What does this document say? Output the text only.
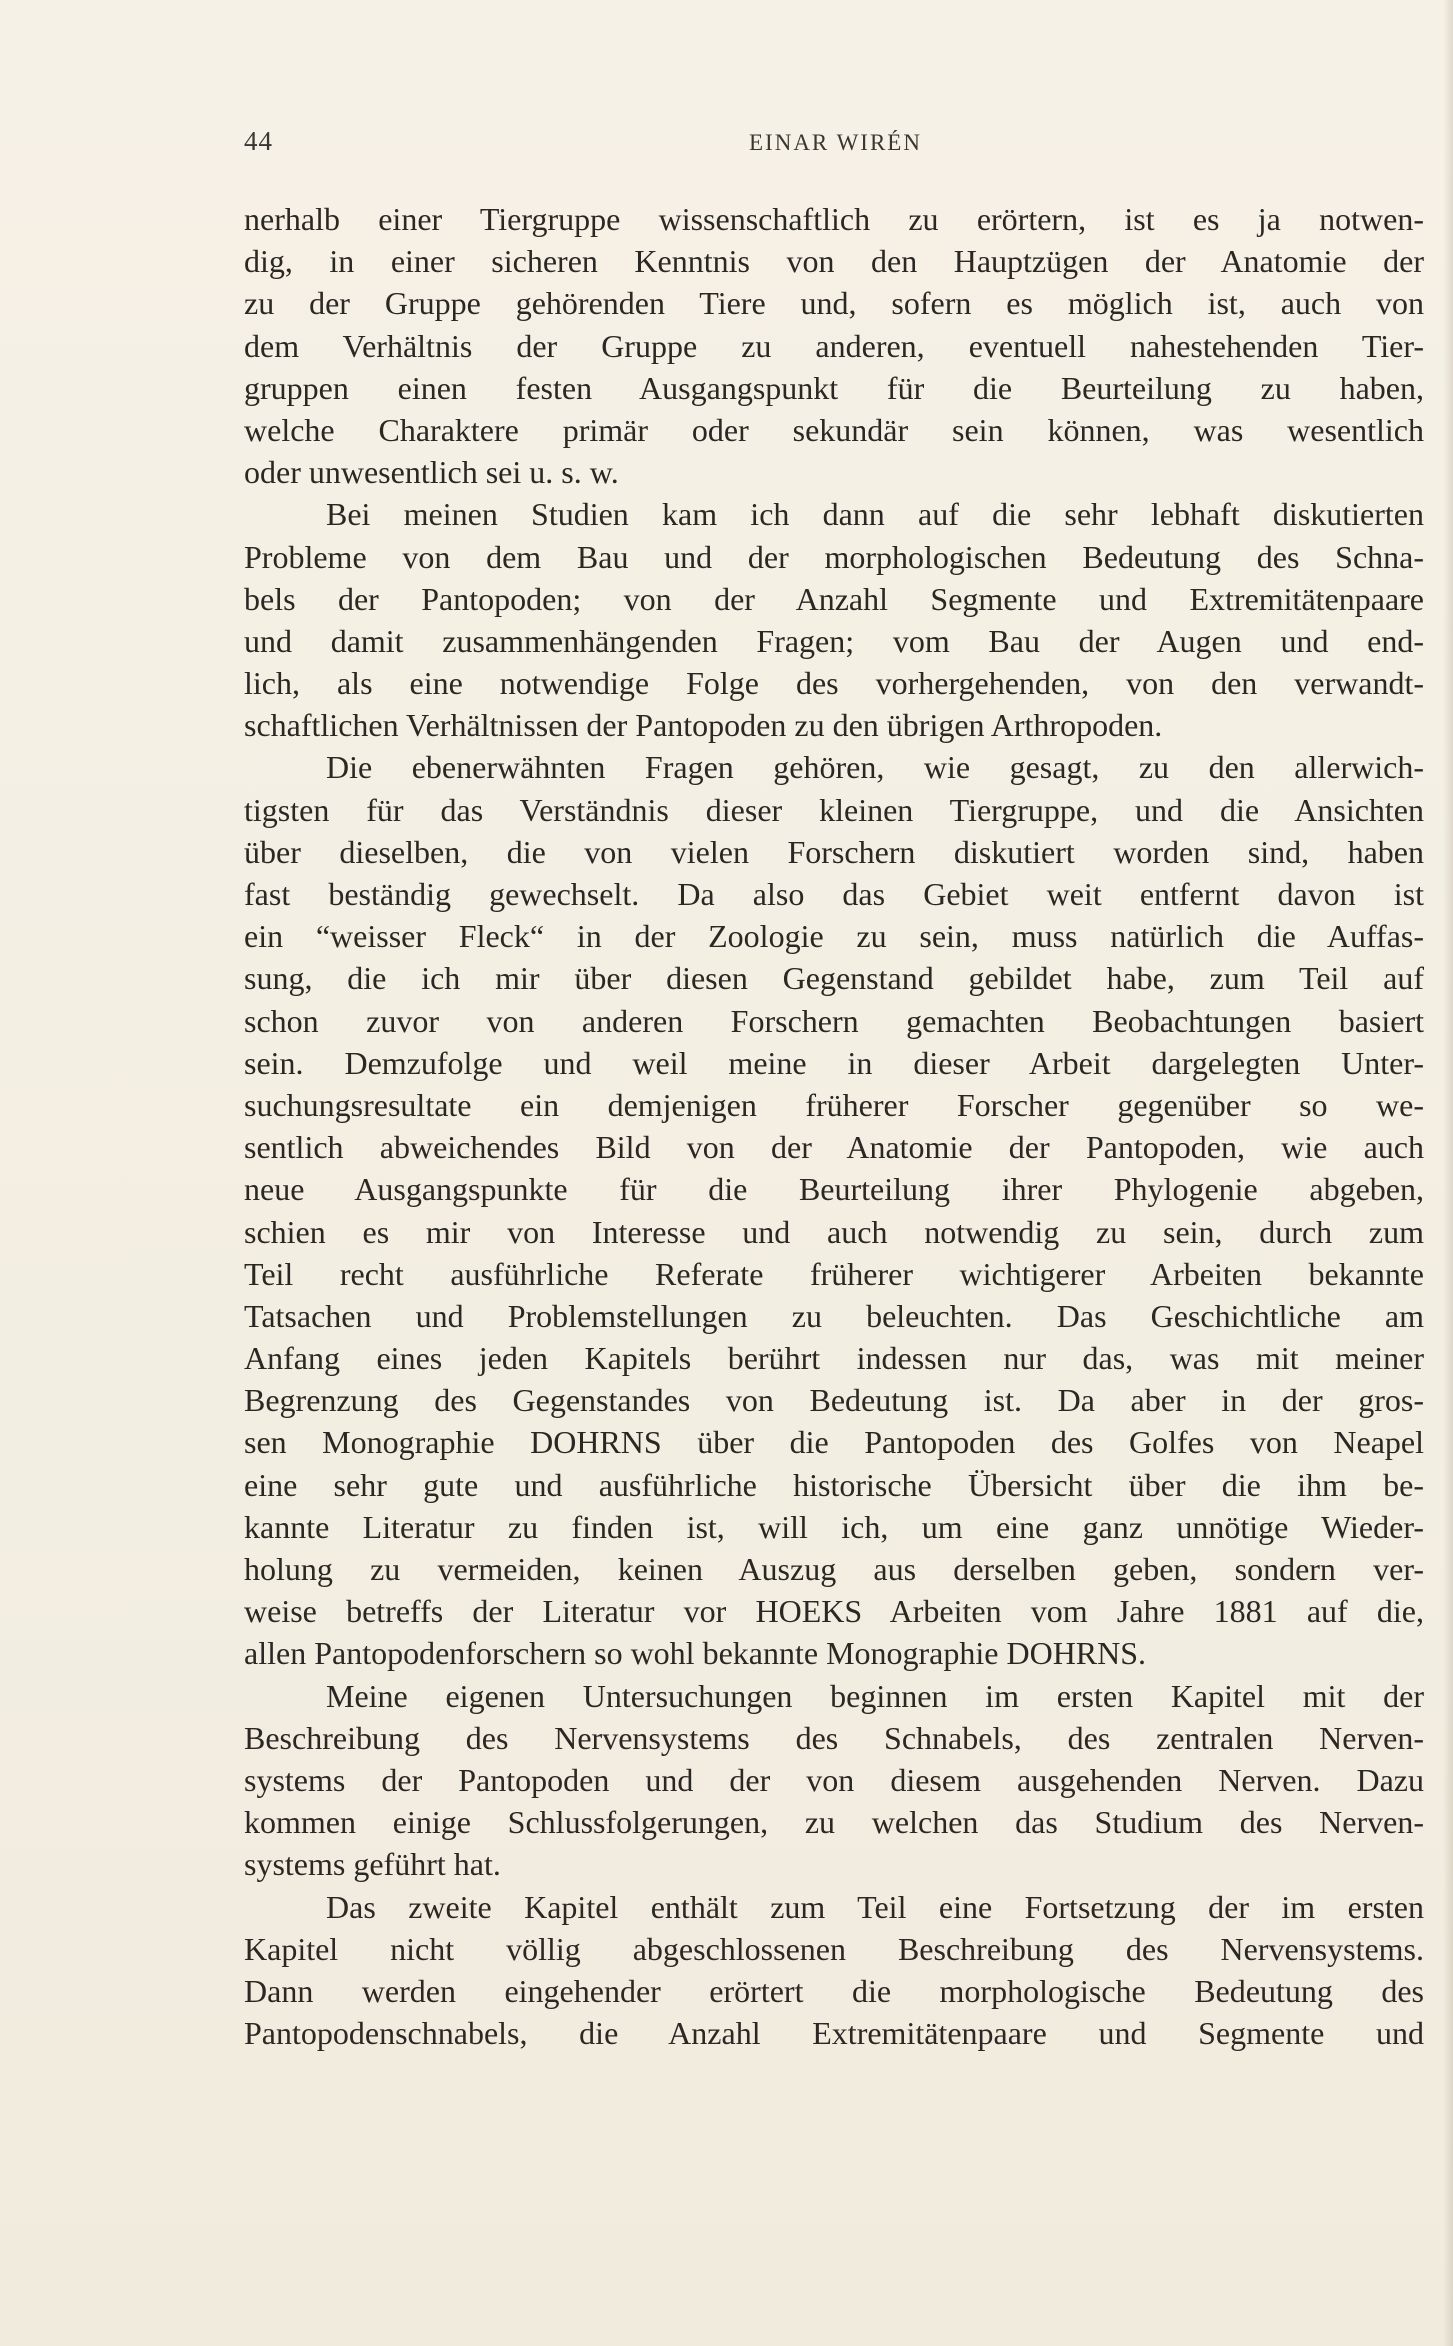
44	EINAR WIRÉN
nerhalb einer Tiergruppe wissenschaftlich zu erörtern, ist es ja notwen-
dig, in einer sicheren Kenntnis von den Hauptzügen der Anatomie der
zu der Gruppe gehörenden Tiere und, sofern es möglich ist, auch von
dem Verhältnis der Gruppe zu anderen, eventuell nahestehenden Tier-
gruppen einen festen Ausgangspunkt für die Beurteilung zu haben,
welche Charaktere primär oder sekundär sein können, was wesentlich
oder unwesentlich sei u. s. w.
Bei meinen Studien kam ich dann auf die sehr lebhaft diskutierten
Probleme von dem Bau und der morphologischen Bedeutung des Schna-
bels der Pantopoden; von der Anzahl Segmente und Extremitätenpaare
und damit zusammenhängenden Fragen; vom Bau der Augen und end-
lich, als eine notwendige Folge des vorhergehenden, von den verwandt-
schaftlichen Verhältnissen der Pantopoden zu den übrigen Arthropoden.
Die ebenerwähnten Fragen gehören, wie gesagt, zu den allerwich-
tigsten für das Verständnis dieser kleinen Tiergruppe, und die Ansichten
über dieselben, die von vielen Forschern diskutiert worden sind, haben
fast beständig gewechselt. Da also das Gebiet weit entfernt davon ist
ein “weisser Fleck“ in der Zoologie zu sein, muss natürlich die Auffas-
sung, die ich mir über diesen Gegenstand gebildet habe, zum Teil auf
schon zuvor von anderen Forschern gemachten Beobachtungen basiert
sein. Demzufolge und weil meine in dieser Arbeit dargelegten Unter-
suchungsresultate ein demjenigen früherer Forscher gegenüber so we-
sentlich abweichendes Bild von der Anatomie der Pantopoden, wie auch
neue Ausgangspunkte für die Beurteilung ihrer Phylogenie abgeben,
schien es mir von Interesse und auch notwendig zu sein, durch zum
Teil recht ausführliche Referate früherer wichtigerer Arbeiten bekannte
Tatsachen und Problemstellungen zu beleuchten. Das Geschichtliche am
Anfang eines jeden Kapitels berührt indessen nur das, was mit meiner
Begrenzung des Gegenstandes von Bedeutung ist. Da aber in der gros-
sen Monographie DOHRNS über die Pantopoden des Golfes von Neapel
eine sehr gute und ausführliche historische Übersicht über die ihm be-
kannte Literatur zu finden ist, will ich, um eine ganz unnötige Wieder-
holung zu vermeiden, keinen Auszug aus derselben geben, sondern ver-
weise betreffs der Literatur vor HOEKS Arbeiten vom Jahre 1881 auf die,
allen Pantopodenforschern so wohl bekannte Monographie DOHRNS.
Meine eigenen Untersuchungen beginnen im ersten Kapitel mit der
Beschreibung des Nervensystems des Schnabels, des zentralen Nerven-
systems der Pantopoden und der von diesem ausgehenden Nerven. Dazu
kommen einige Schlussfolgerungen, zu welchen das Studium des Nerven-
systems geführt hat.
Das zweite Kapitel enthält zum Teil eine Fortsetzung der im ersten
Kapitel nicht völlig abgeschlossenen Beschreibung des Nervensystems.
Dann werden eingehender erörtert die morphologische Bedeutung des
Pantopodenschnabels, die Anzahl Extremitätenpaare und Segmente und
